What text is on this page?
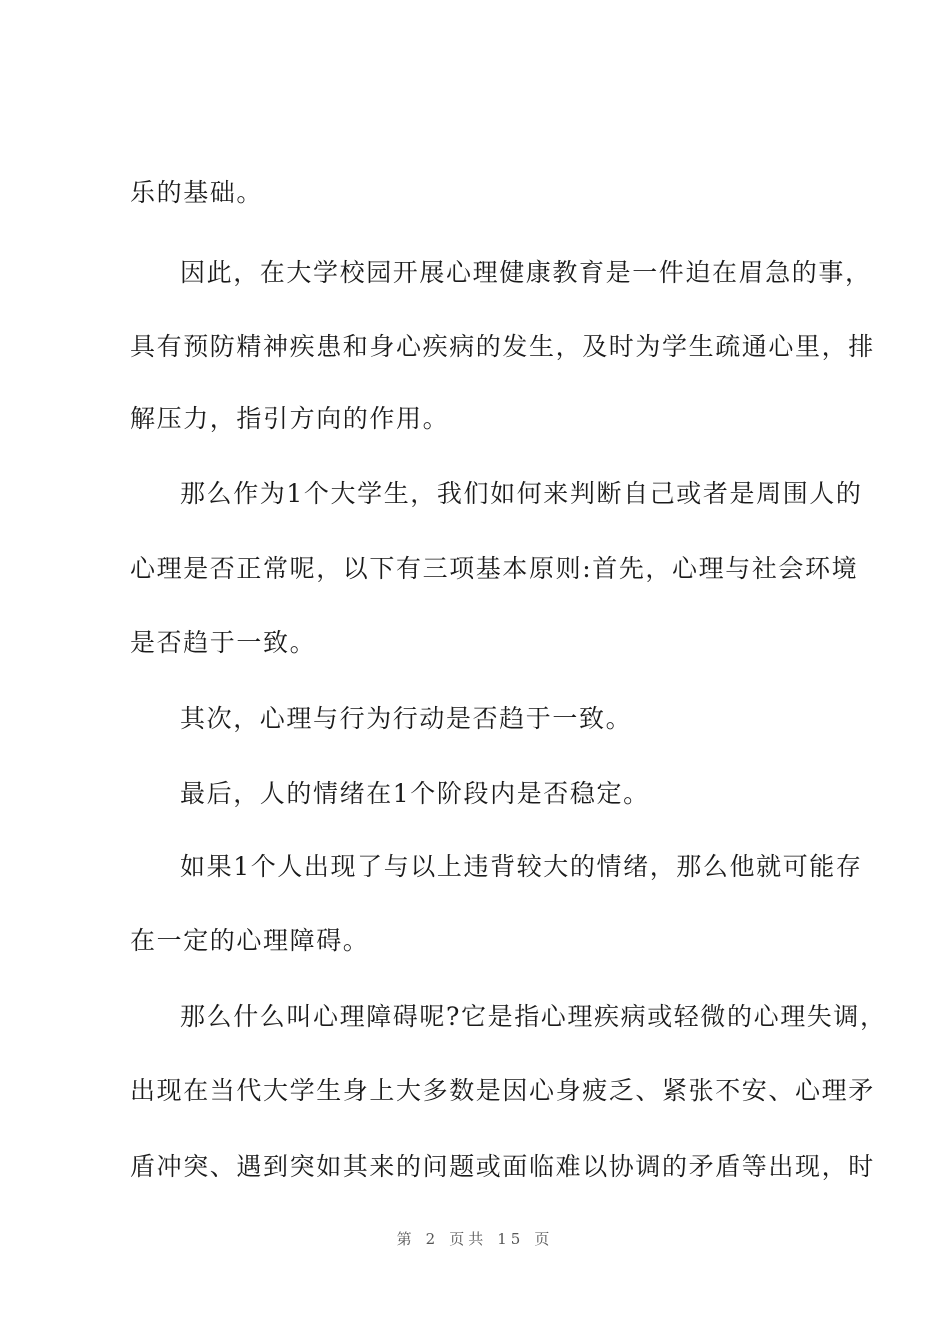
乐的基础。
因此，在大学校园开展心理健康教育是一件迫在眉急的事，
具有预防精神疾患和身心疾病的发生，及时为学生疏通心里，排
解压力，指引方向的作用。
那么作为1个大学生，我们如何来判断自己或者是周围人的
心理是否正常呢，以下有三项基本原则:首先，心理与社会环境
是否趋于一致。
其次，心理与行为行动是否趋于一致。
最后，人的情绪在1个阶段内是否稳定。
如果1个人出现了与以上违背较大的情绪，那么他就可能存
在一定的心理障碍。
那么什么叫心理障碍呢?它是指心理疾病或轻微的心理失调，
出现在当代大学生身上大多数是因心身疲乏、紧张不安、心理矛
盾冲突、遇到突如其来的问题或面临难以协调的矛盾等出现，时
第 2 页共 15 页
